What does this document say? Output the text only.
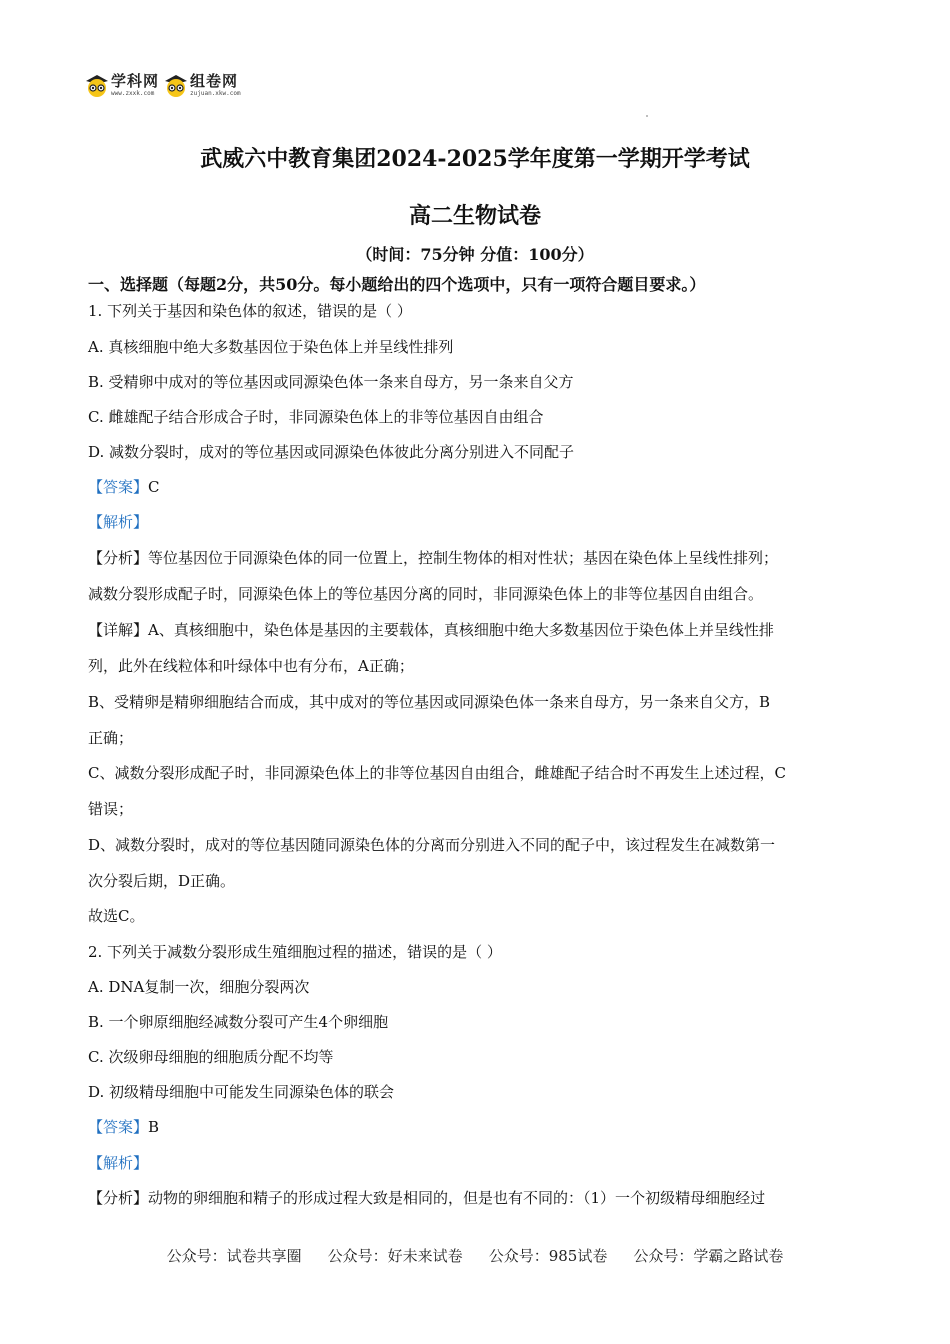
学科网
www.zxxk.com
组卷网
zujuan.xkw.com
武威六中教育集团2024-2025学年度第一学期开学考试
高二生物试卷
（时间：75分钟 分值：100分）
一、选择题（每题2分，共50分。每小题给出的四个选项中，只有一项符合题目要求。）
1. 下列关于基因和染色体的叙述，错误的是（ ）
A. 真核细胞中绝大多数基因位于染色体上并呈线性排列
B. 受精卵中成对的等位基因或同源染色体一条来自母方，另一条来自父方
C. 雌雄配子结合形成合子时，非同源染色体上的非等位基因自由组合
D. 减数分裂时，成对的等位基因或同源染色体彼此分离分别进入不同配子
【答案】C
【解析】
【分析】等位基因位于同源染色体的同一位置上，控制生物体的相对性状；基因在染色体上呈线性排列；
减数分裂形成配子时，同源染色体上的等位基因分离的同时，非同源染色体上的非等位基因自由组合。
【详解】A、真核细胞中，染色体是基因的主要载体，真核细胞中绝大多数基因位于染色体上并呈线性排
列，此外在线粒体和叶绿体中也有分布，A正确；
B、受精卵是精卵细胞结合而成，其中成对的等位基因或同源染色体一条来自母方，另一条来自父方，B
正确；
C、减数分裂形成配子时，非同源染色体上的非等位基因自由组合，雌雄配子结合时不再发生上述过程，C
错误；
D、减数分裂时，成对的等位基因随同源染色体的分离而分别进入不同的配子中，该过程发生在减数第一
次分裂后期，D正确。
故选C。
2. 下列关于减数分裂形成生殖细胞过程的描述，错误的是（ ）
A. DNA复制一次，细胞分裂两次
B. 一个卵原细胞经减数分裂可产生4个卵细胞
C. 次级卵母细胞的细胞质分配不均等
D. 初级精母细胞中可能发生同源染色体的联会
【答案】B
【解析】
【分析】动物的卵细胞和精子的形成过程大致是相同的，但是也有不同的：（1）一个初级精母细胞经过
公众号：试卷共享圈 公众号：好未来试卷 公众号：985试卷 公众号：学霸之路试卷
